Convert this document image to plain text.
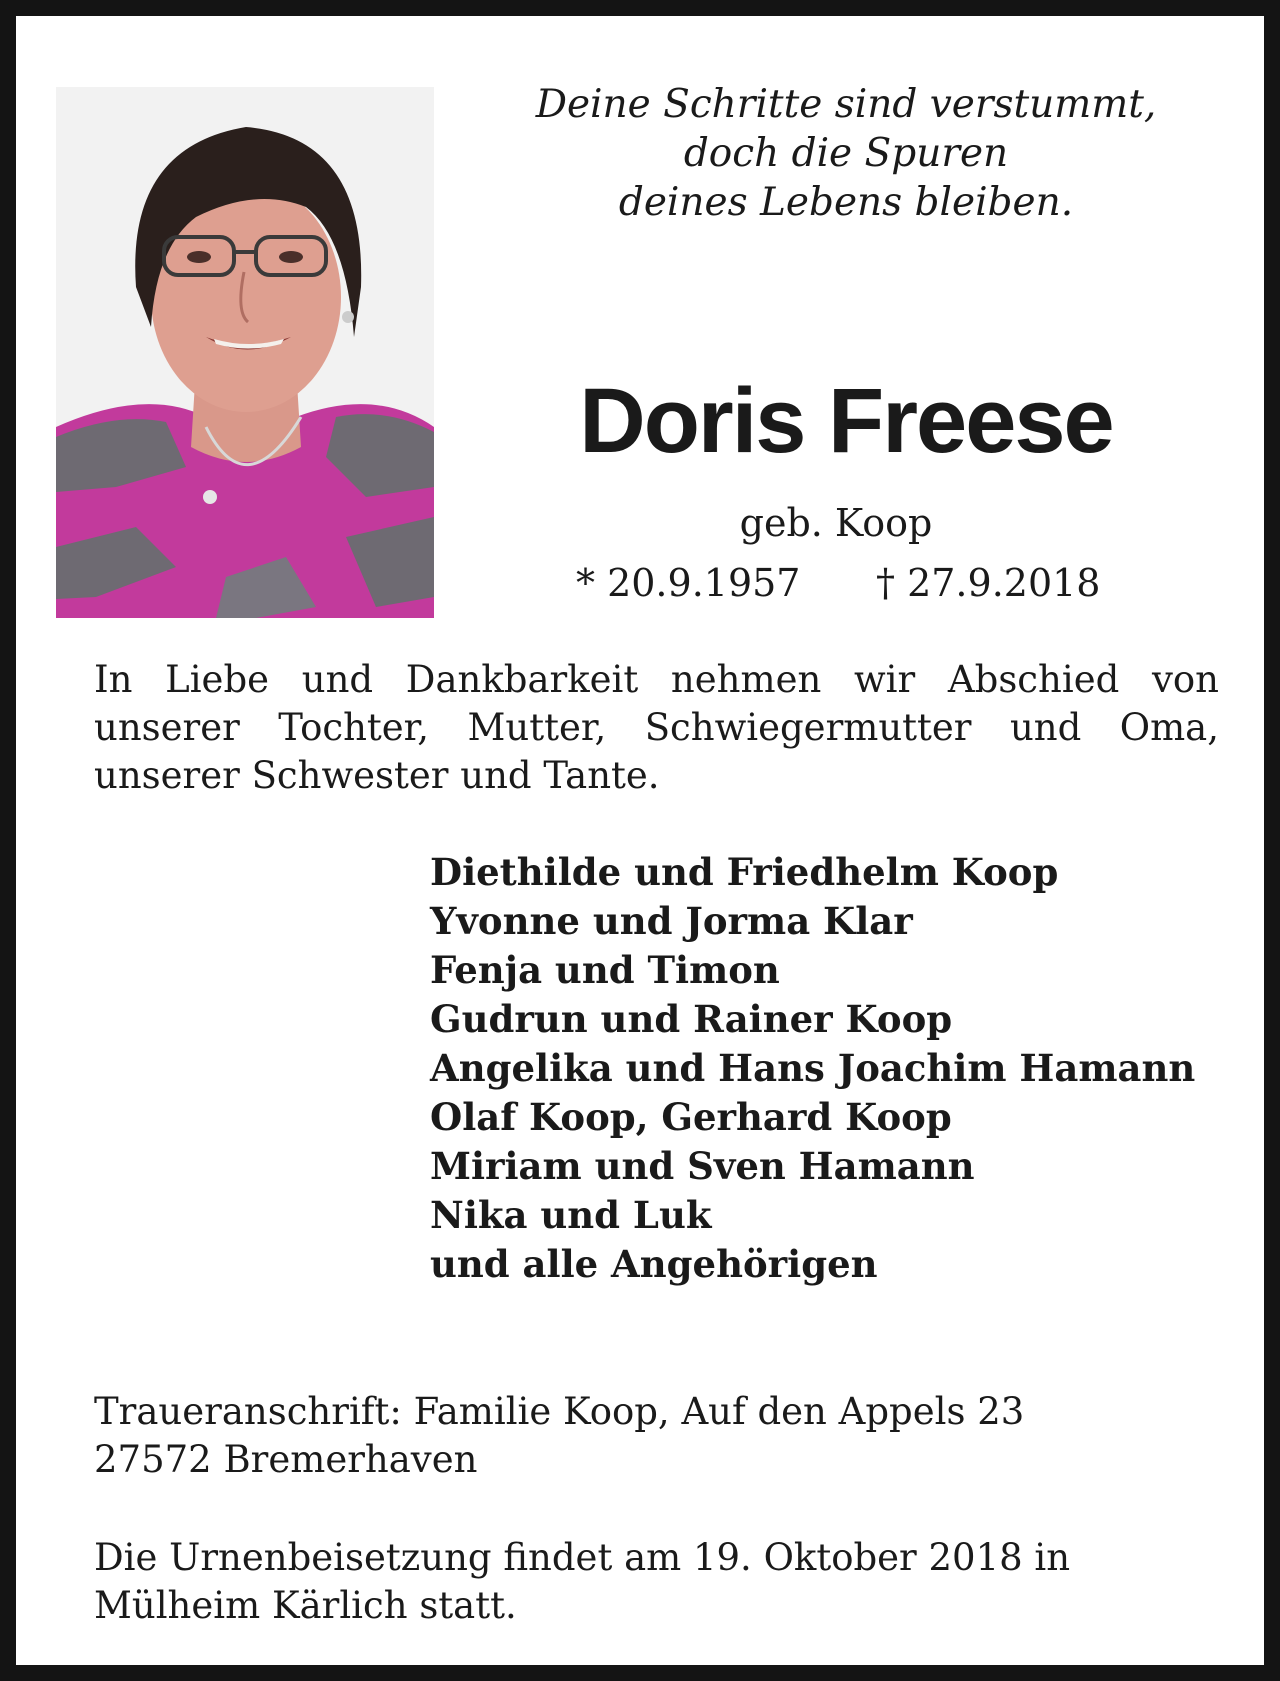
Deine Schritte sind verstummt,
doch die Spuren
deines Lebens bleiben.
Doris Freese
geb. Koop
* 20.9.1957 † 27.9.2018
In Liebe und Dankbarkeit nehmen wir Abschied von unserer Tochter, Mutter, Schwiegermutter und Oma, unserer Schwester und Tante.
Diethilde und Friedhelm Koop
Yvonne und Jorma Klar
Fenja und Timon
Gudrun und Rainer Koop
Angelika und Hans Joachim Hamann
Olaf Koop, Gerhard Koop
Miriam und Sven Hamann
Nika und Luk
und alle Angehörigen
Traueranschrift: Familie Koop, Auf den Appels 23
27572 Bremerhaven
Die Urnenbeisetzung findet am 19. Oktober 2018 in Mülheim Kärlich statt.
